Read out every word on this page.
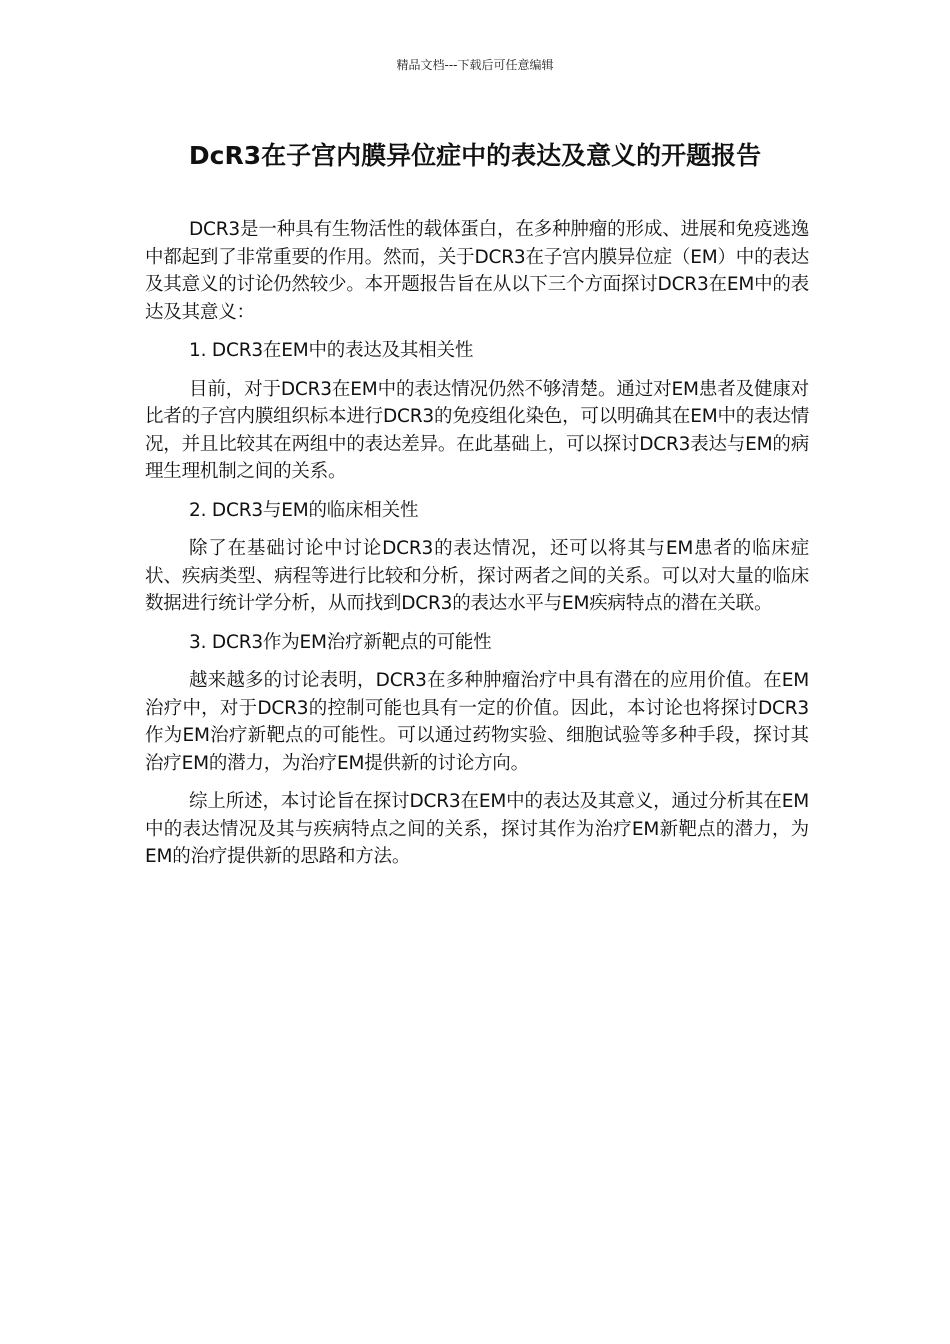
精品文档---下载后可任意编辑
DcR3在子宫内膜异位症中的表达及意义的开题报告

DCR3是一种具有生物活性的载体蛋白，在多种肿瘤的形成、进展和免疫逃逸中都起到了非常重要的作用。然而，关于DCR3在子宫内膜异位症（EM）中的表达及其意义的讨论仍然较少。本开题报告旨在从以下三个方面探讨DCR3在EM中的表达及其意义：

1. DCR3在EM中的表达及其相关性

目前，对于DCR3在EM中的表达情况仍然不够清楚。通过对EM患者及健康对比者的子宫内膜组织标本进行DCR3的免疫组化染色，可以明确其在EM中的表达情况，并且比较其在两组中的表达差异。在此基础上，可以探讨DCR3表达与EM的病理生理机制之间的关系。

2. DCR3与EM的临床相关性

除了在基础讨论中讨论DCR3的表达情况，还可以将其与EM患者的临床症状、疾病类型、病程等进行比较和分析，探讨两者之间的关系。可以对大量的临床数据进行统计学分析，从而找到DCR3的表达水平与EM疾病特点的潜在关联。

3. DCR3作为EM治疗新靶点的可能性

越来越多的讨论表明，DCR3在多种肿瘤治疗中具有潜在的应用价值。在EM治疗中，对于DCR3的控制可能也具有一定的价值。因此，本讨论也将探讨DCR3作为EM治疗新靶点的可能性。可以通过药物实验、细胞试验等多种手段，探讨其治疗EM的潜力，为治疗EM提供新的讨论方向。

综上所述，本讨论旨在探讨DCR3在EM中的表达及其意义，通过分析其在EM中的表达情况及其与疾病特点之间的关系，探讨其作为治疗EM新靶点的潜力，为EM的治疗提供新的思路和方法。
